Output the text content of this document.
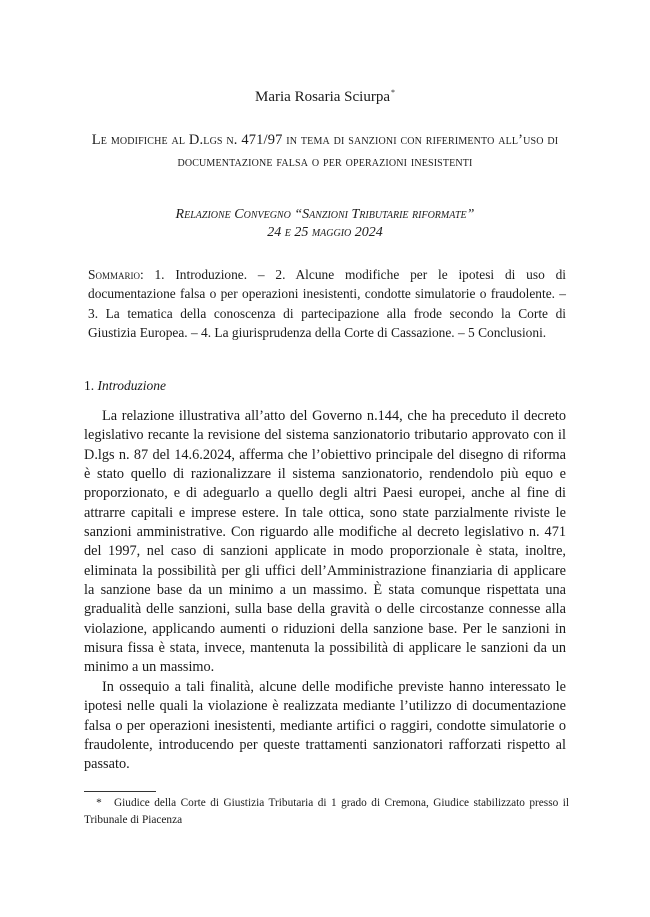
Maria Rosaria Sciurpa*
Le modifiche al D.lgs n. 471/97 in tema di sanzioni con riferimento all’uso di documentazione falsa o per operazioni inesistenti
Relazione Convegno “Sanzioni Tributarie riformate”
24 e 25 maggio 2024
Sommario: 1. Introduzione. – 2. Alcune modifiche per le ipotesi di uso di documentazione falsa o per operazioni inesistenti, condotte simulatorie o fraudolente. – 3. La tematica della conoscenza di partecipazione alla frode secondo la Corte di Giustizia Europea. – 4. La giurisprudenza della Corte di Cassazione. – 5 Conclusioni.
1. Introduzione

La relazione illustrativa all’atto del Governo n.144, che ha preceduto il decreto legislativo recante la revisione del sistema sanzionatorio tributario approvato con il D.lgs n. 87 del 14.6.2024, afferma che l’obiettivo principale del disegno di riforma è stato quello di razionalizzare il sistema sanzionatorio, rendendolo più equo e proporzionato, e di adeguarlo a quello degli altri Paesi europei, anche al fine di attrarre capitali e imprese estere. In tale ottica, sono state parzialmente riviste le sanzioni amministrative. Con riguardo alle modifiche al decreto legislativo n. 471 del 1997, nel caso di sanzioni applicate in modo proporzionale è stata, inoltre, eliminata la possibilità per gli uffici dell’Amministrazione finanziaria di applicare la sanzione base da un minimo a un massimo. È stata comunque rispettata una gradualità delle sanzioni, sulla base della gravità o delle circostanze connesse alla violazione, applicando aumenti o riduzioni della sanzione base. Per le sanzioni in misura fissa è stata, invece, mantenuta la possibilità di applicare le sanzioni da un minimo a un massimo.

In ossequio a tali finalità, alcune delle modifiche previste hanno interessato le ipotesi nelle quali la violazione è realizzata mediante l’utilizzo di documentazione falsa o per operazioni inesistenti, mediante artifici o raggiri, condotte simulatorie o fraudolente, introducendo per queste trattamenti sanzionatori rafforzati rispetto al passato.

* Giudice della Corte di Giustizia Tributaria di 1 grado di Cremona, Giudice stabilizzato presso il Tribunale di Piacenza
